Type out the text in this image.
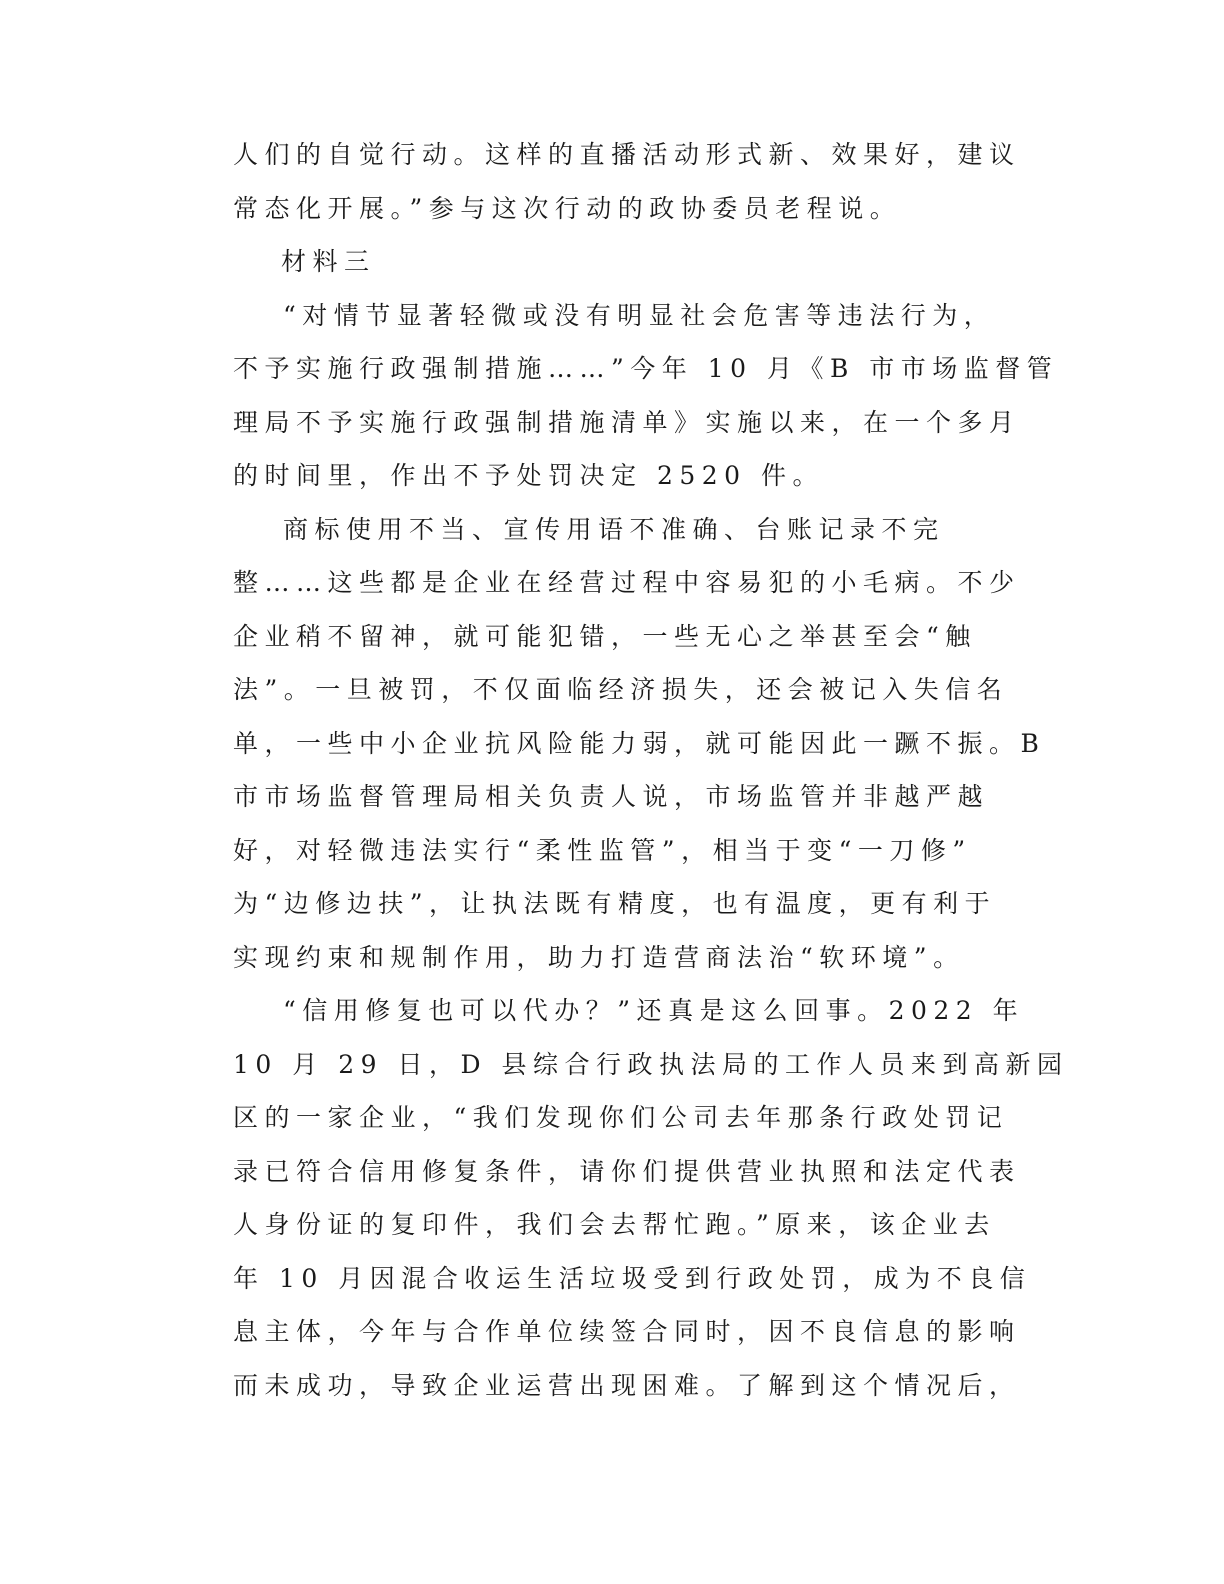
人们的自觉行动。这样的直播活动形式新、效果好，建议
常态化开展。”参与这次行动的政协委员老程说。
材料三
“对情节显著轻微或没有明显社会危害等违法行为，
不予实施行政强制措施……”今年 10 月《B 市市场监督管
理局不予实施行政强制措施清单》实施以来，在一个多月
的时间里，作出不予处罚决定 2520 件。
商标使用不当、宣传用语不准确、台账记录不完
整……这些都是企业在经营过程中容易犯的小毛病。不少
企业稍不留神，就可能犯错，一些无心之举甚至会“触
法”。一旦被罚，不仅面临经济损失，还会被记入失信名
单，一些中小企业抗风险能力弱，就可能因此一蹶不振。B
市市场监督管理局相关负责人说，市场监管并非越严越
好，对轻微违法实行“柔性监管”，相当于变“一刀修”
为“边修边扶”，让执法既有精度，也有温度，更有利于
实现约束和规制作用，助力打造营商法治“软环境”。
“信用修复也可以代办？”还真是这么回事。2022 年
10 月 29 日，D 县综合行政执法局的工作人员来到高新园
区的一家企业，“我们发现你们公司去年那条行政处罚记
录已符合信用修复条件，请你们提供营业执照和法定代表
人身份证的复印件，我们会去帮忙跑。”原来，该企业去
年 10 月因混合收运生活垃圾受到行政处罚，成为不良信
息主体，今年与合作单位续签合同时，因不良信息的影响
而未成功，导致企业运营出现困难。了解到这个情况后，
